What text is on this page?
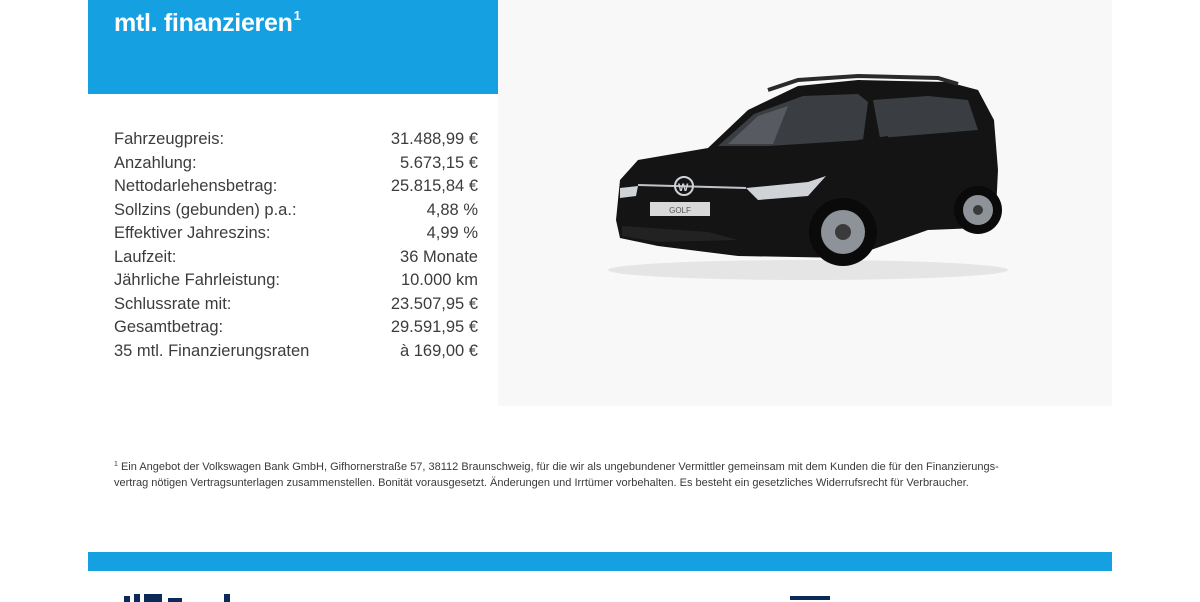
mtl. finanzieren$^1$
Fahrzeugpreis:	31.488,99 €
Anzahlung:	5.673,15 €
Nettodarlehensbetrag:	25.815,84 €
Sollzins (gebunden) p.a.:	4,88 %
Effektiver Jahreszins:	4,99 %
Laufzeit:	36 Monate
Jährliche Fahrleistung:	10.000 km
Schlussrate mit:	23.507,95 €
Gesamtbetrag:	29.591,95 €
35 mtl. Finanzierungsraten	à 169,00 €
W
GOLF
$^1$ Ein Angebot der Volkswagen Bank GmbH, Gifhornerstraße 57, 38112 Braunschweig, für die wir als ungebundener Vermittler gemeinsam mit dem Kunden die für den Finanzierungs-
vertrag nötigen Vertragsunterlagen zusammenstellen. Bonität vorausgesetzt. Änderungen und Irrtümer vorbehalten. Es besteht ein gesetzliches Widerrufsrecht für Verbraucher.
